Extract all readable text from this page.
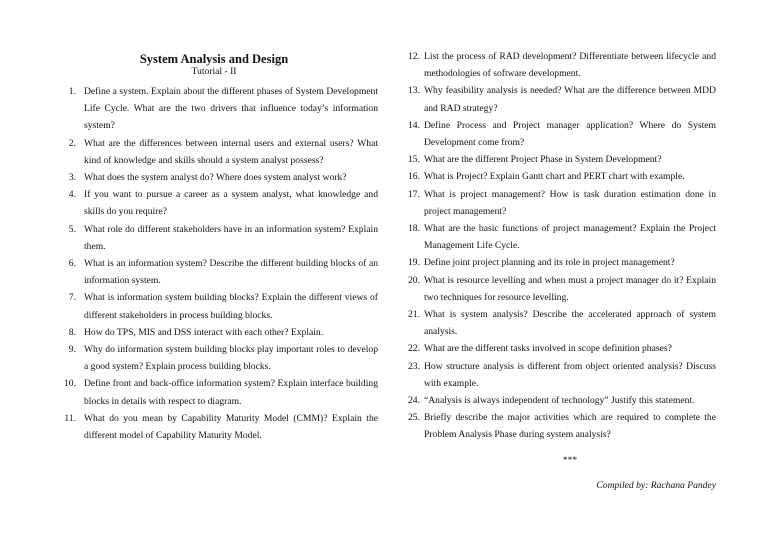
System Analysis and Design
Tutorial - II
1. Define a system. Explain about the different phases of System Development Life Cycle. What are the two drivers that influence today’s information system?
2. What are the differences between internal users and external users? What kind of knowledge and skills should a system analyst possess?
3. What does the system analyst do? Where does system analyst work?
4. If you want to pursue a career as a system analyst, what knowledge and skills do you require?
5. What role do different stakeholders have in an information system? Explain them.
6. What is an information system? Describe the different building blocks of an information system.
7. What is information system building blocks? Explain the different views of different stakeholders in process building blocks.
8. How do TPS, MIS and DSS interact with each other? Explain.
9. Why do information system building blocks play important roles to develop a good system? Explain process building blocks.
10. Define front and back-office information system? Explain interface building blocks in details with respect to diagram.
11. What do you mean by Capability Maturity Model (CMM)? Explain the different model of Capability Maturity Model.
12. List the process of RAD development? Differentiate between lifecycle and methodologies of software development.
13. Why feasibility analysis is needed? What are the difference between MDD and RAD strategy?
14. Define Process and Project manager application? Where do System Development come from?
15. What are the different Project Phase in System Development?
16. What is Project? Explain Gantt chart and PERT chart with example.
17. What is project management? How is task duration estimation done in project management?
18. What are the basic functions of project management? Explain the Project Management Life Cycle.
19. Define joint project planning and its role in project management?
20. What is resource levelling and when must a project manager do it? Explain two techniques for resource levelling.
21. What is system analysis? Describe the accelerated approach of system analysis.
22. What are the different tasks involved in scope definition phases?
23. How structure analysis is different from object oriented analysis? Discuss with example.
24. “Analysis is always independent of technology” Justify this statement.
25. Briefly describe the major activities which are required to complete the Problem Analysis Phase during system analysis?
***
Compiled by: Rachana Pandey
